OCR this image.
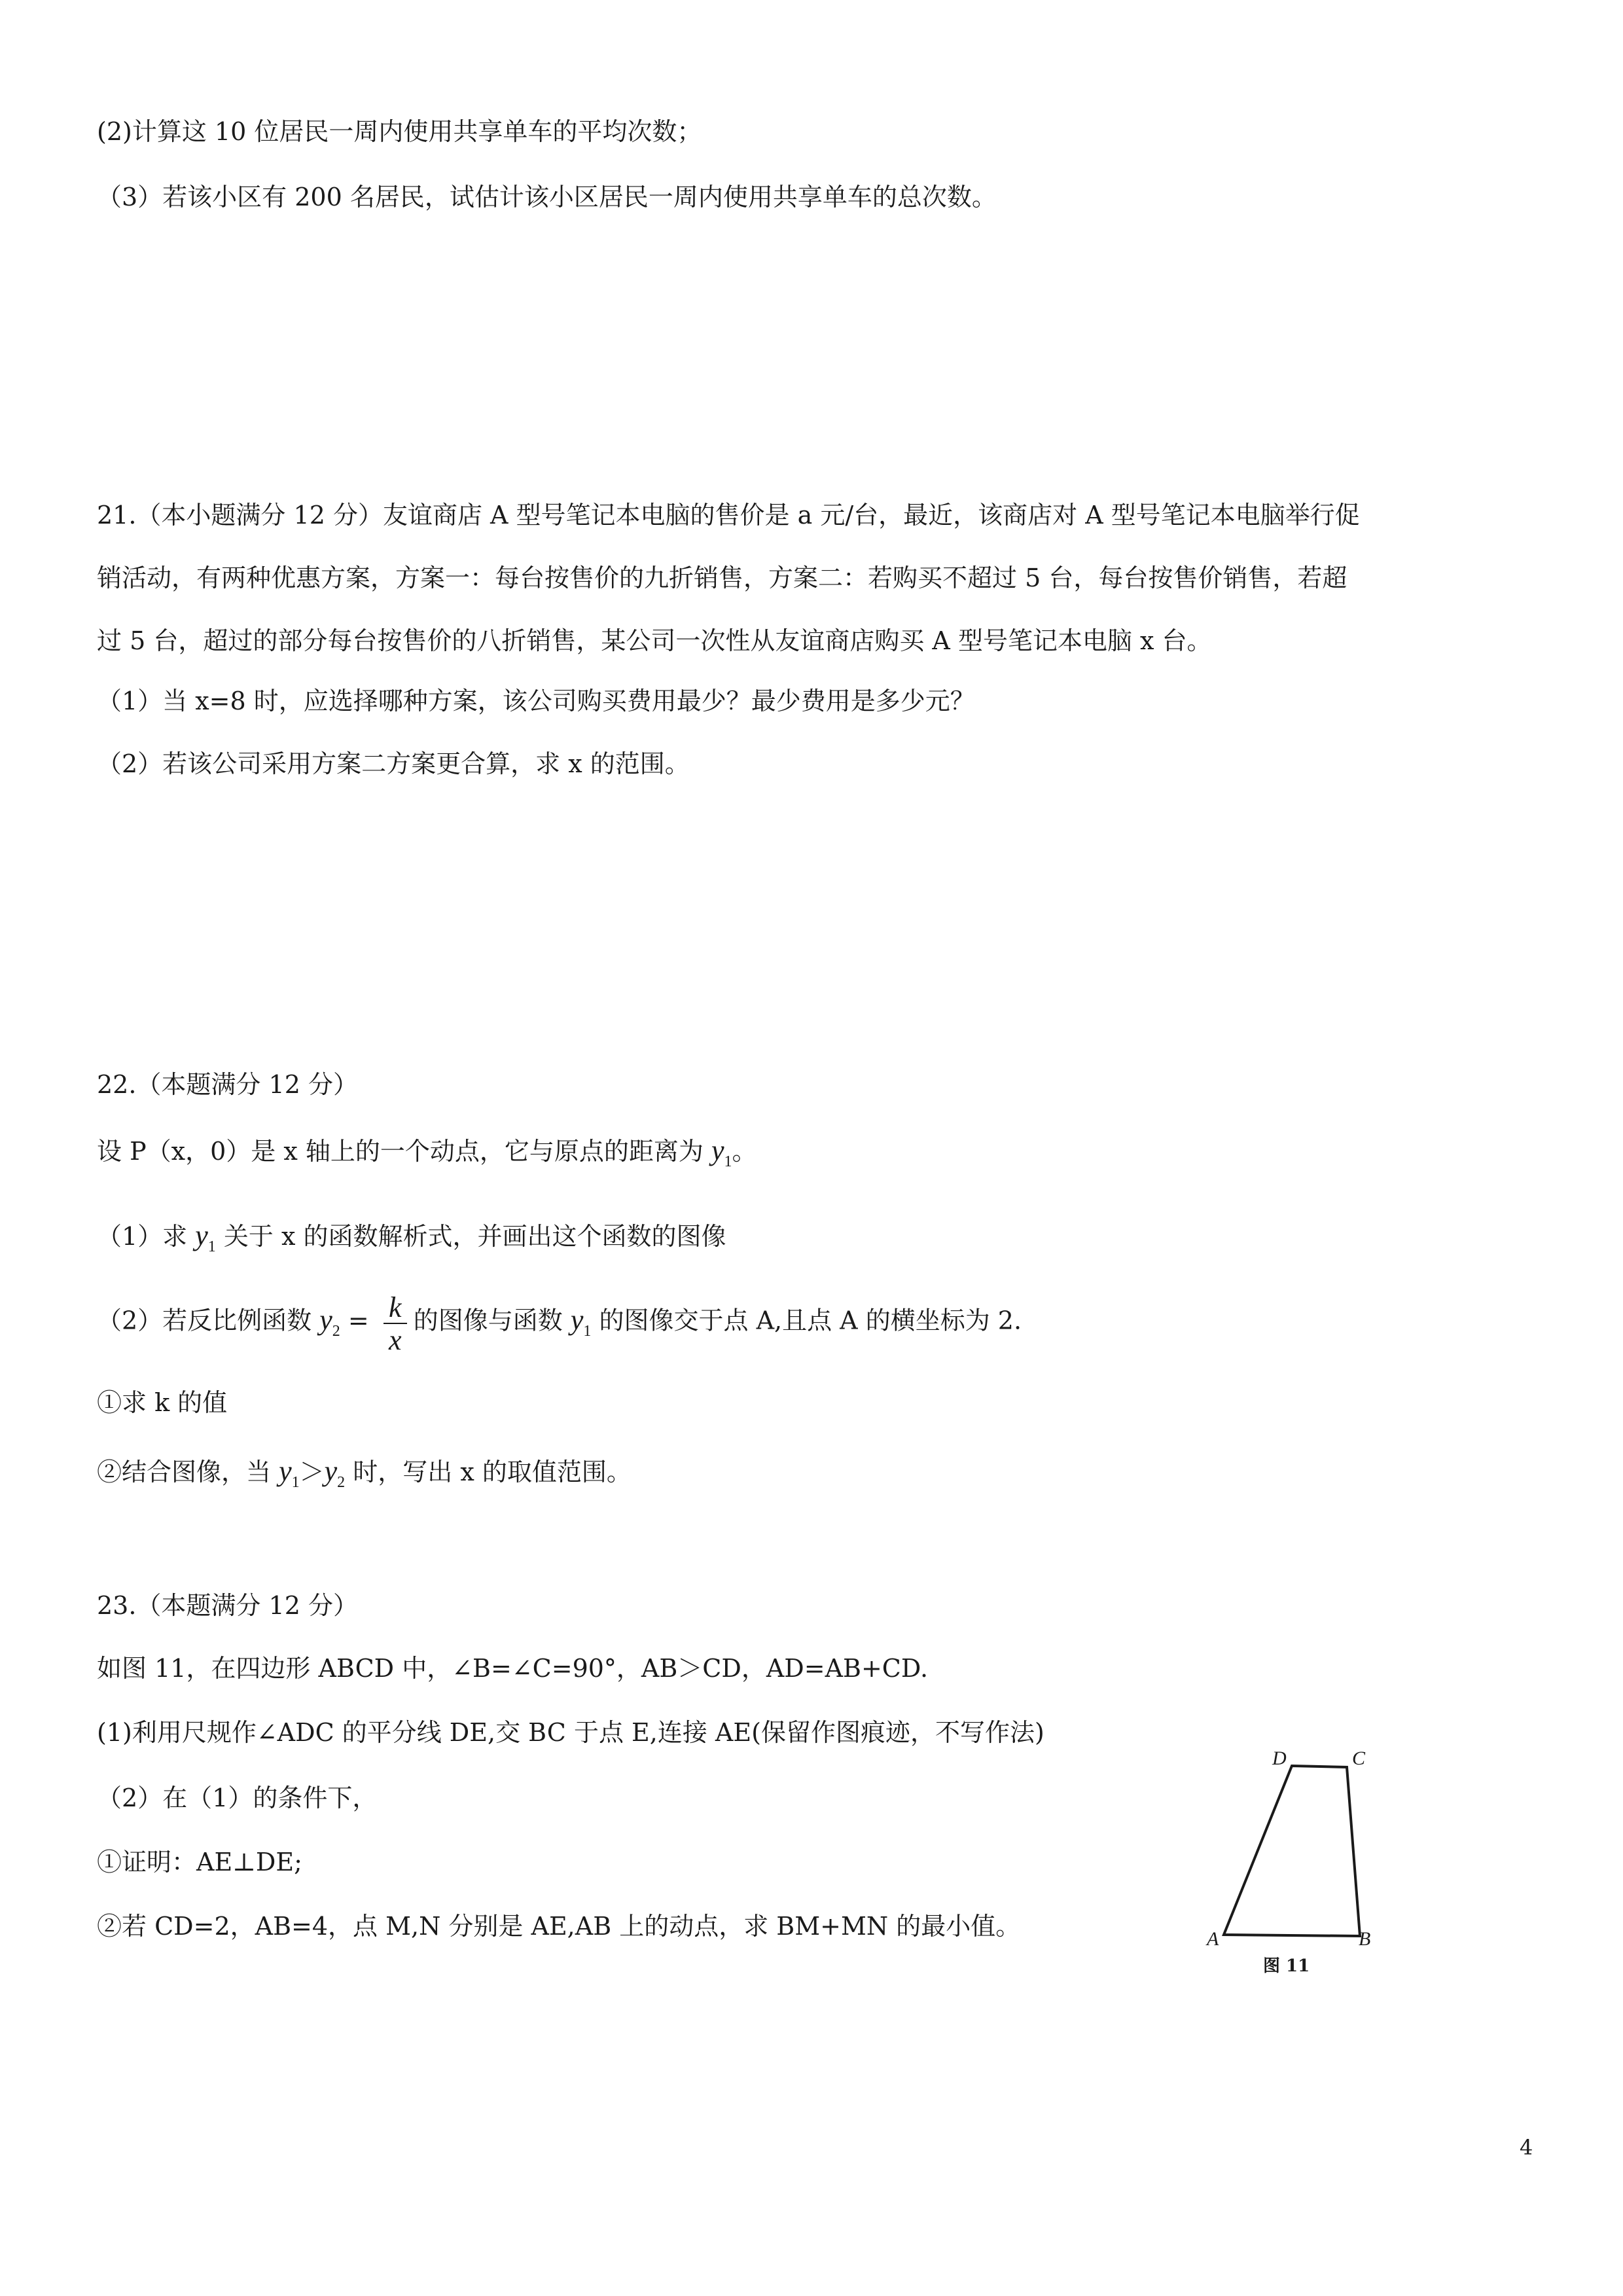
(2)计算这 10 位居民一周内使用共享单车的平均次数；
（3）若该小区有 200 名居民，试估计该小区居民一周内使用共享单车的总次数。
21.（本小题满分 12 分）友谊商店 A 型号笔记本电脑的售价是 a 元/台，最近，该商店对 A 型号笔记本电脑举行促
销活动，有两种优惠方案，方案一：每台按售价的九折销售，方案二：若购买不超过 5 台，每台按售价销售，若超
过 5 台，超过的部分每台按售价的八折销售，某公司一次性从友谊商店购买 A 型号笔记本电脑 x 台。
（1）当 x=8 时，应选择哪种方案，该公司购买费用最少？最少费用是多少元？
（2）若该公司采用方案二方案更合算，求 x 的范围。
22.（本题满分 12 分）
设 P（x，0）是 x 轴上的一个动点，它与原点的距离为 $y_1$。
（1）求 $y_1$ 关于 x 的函数解析式，并画出这个函数的图像
（2）若反比例函数 $y_2 = \frac{k}{x}$ 的图像与函数 $y_1$ 的图像交于点 A,且点 A 的横坐标为 2.
①求 k 的值
②结合图像，当 $y_1>y_2$ 时，写出 x 的取值范围。
23.（本题满分 12 分）
如图 11，在四边形 ABCD 中，∠B=∠C=90°，AB＞CD，AD=AB+CD.
(1)利用尺规作∠ADC 的平分线 DE,交 BC 于点 E,连接 AE(保留作图痕迹，不写作法)
（2）在（1）的条件下，
①证明：AE⊥DE;
②若 CD=2，AB=4，点 M,N 分别是 AE,AB 上的动点，求 BM+MN 的最小值。
D	C
A	B
图 11
4
